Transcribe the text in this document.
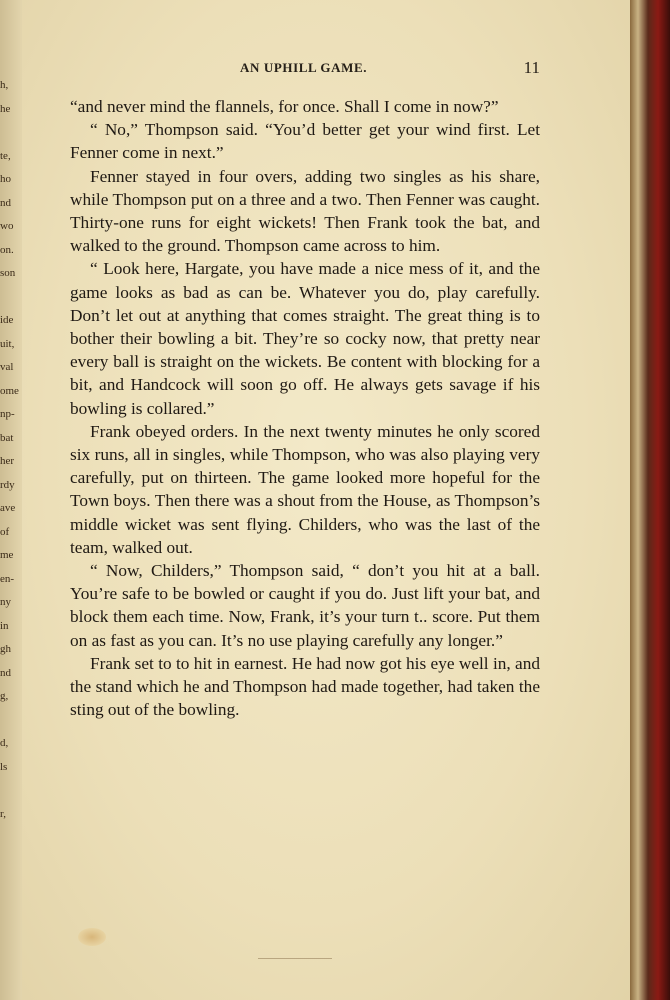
h,
he
te,
ho
nd
wo
on.
son
ide
uit,
val
ome
np-
bat
her
rdy
ave
of
me
en-
ny
in
gh
nd
g,
d,
ls
r,
AN UPHILL GAME.	11

“and never mind the flannels, for once. Shall I come in now?”

“ No,” Thompson said. “You’d better get your wind first. Let Fenner come in next.”

Fenner stayed in four overs, adding two singles as his share, while Thompson put on a three and a two. Then Fenner was caught. Thirty-one runs for eight wickets! Then Frank took the bat, and walked to the ground. Thompson came across to him.

“ Look here, Hargate, you have made a nice mess of it, and the game looks as bad as can be. Whatever you do, play carefully. Don’t let out at anything that comes straight. The great thing is to bother their bowling a bit. They’re so cocky now, that pretty near every ball is straight on the wickets. Be content with blocking for a bit, and Handcock will soon go off. He always gets savage if his bowling is collared.”

Frank obeyed orders. In the next twenty minutes he only scored six runs, all in singles, while Thompson, who was also playing very carefully, put on thirteen. The game looked more hopeful for the Town boys. Then there was a shout from the House, as Thompson’s middle wicket was sent flying. Childers, who was the last of the team, walked out.

“ Now, Childers,” Thompson said, “ don’t you hit at a ball. You’re safe to be bowled or caught if you do. Just lift your bat, and block them each time. Now, Frank, it’s your turn t.. score. Put them on as fast as you can. It’s no use playing carefully any longer.”

Frank set to to hit in earnest. He had now got his eye well in, and the stand which he and Thompson had made together, had taken the sting out of the bowling.
